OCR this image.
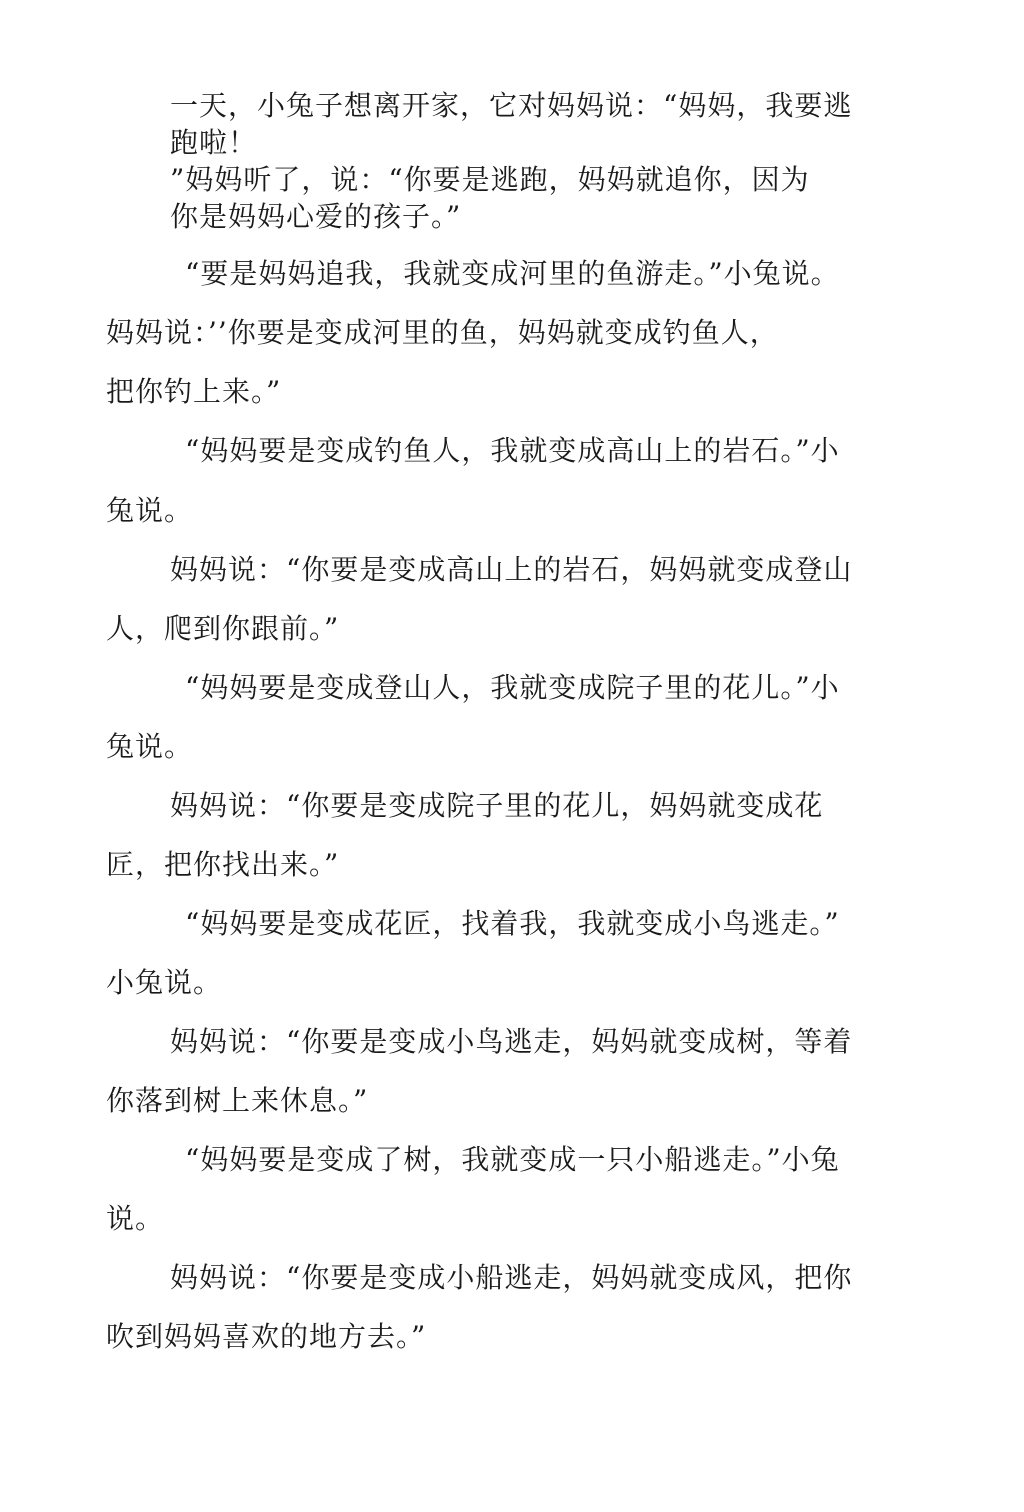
一天，小兔子想离开家，它对妈妈说：“妈妈，我要逃
跑啦！
”妈妈听了，说：“你要是逃跑，妈妈就追你，因为
你是妈妈心爱的孩子。”
“要是妈妈追我，我就变成河里的鱼游走。”小兔说。
妈妈说：’’你要是变成河里的鱼，妈妈就变成钓鱼人，
把你钓上来。”
“妈妈要是变成钓鱼人，我就变成高山上的岩石。”小
兔说。
妈妈说：“你要是变成高山上的岩石，妈妈就变成登山
人，爬到你跟前。”
“妈妈要是变成登山人，我就变成院子里的花儿。”小
兔说。
妈妈说：“你要是变成院子里的花儿，妈妈就变成花
匠，把你找出来。”
“妈妈要是变成花匠，找着我，我就变成小鸟逃走。”
小兔说。
妈妈说：“你要是变成小鸟逃走，妈妈就变成树，等着
你落到树上来休息。”
“妈妈要是变成了树，我就变成一只小船逃走。”小兔
说。
妈妈说：“你要是变成小船逃走，妈妈就变成风，把你
吹到妈妈喜欢的地方去。”
